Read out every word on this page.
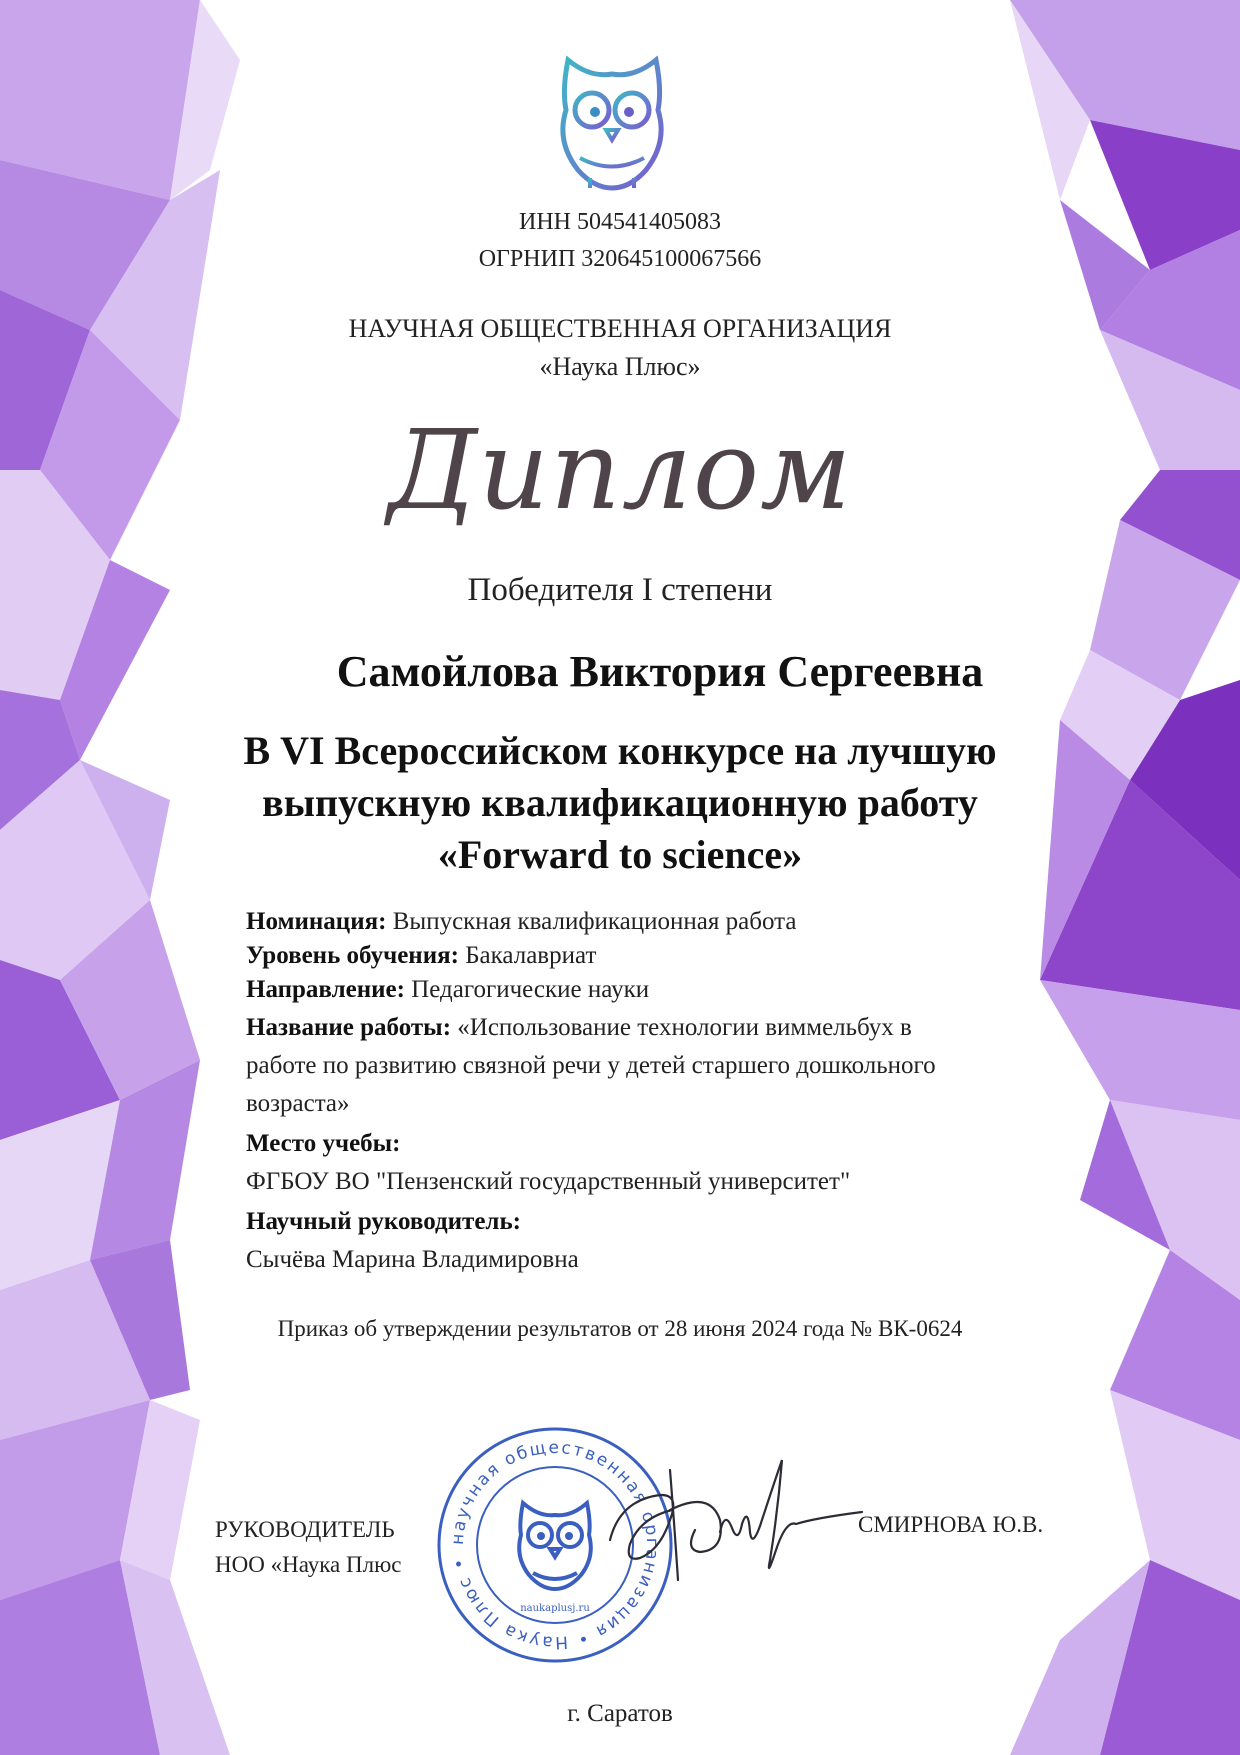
ИНН 504541405083
ОГРНИП 320645100067566
НАУЧНАЯ ОБЩЕСТВЕННАЯ ОРГАНИЗАЦИЯ
«Наука Плюс»
Диплом
Победителя I степени
Самойлова Виктория Сергеевна
В VI Всероссийском конкурсе на лучшую
выпускную квалификационную работу
«Forward to science»
Номинация: Выпускная квалификационная работа
Уровень обучения: Бакалавриат
Направление: Педагогические науки
Название работы: «Использование технологии виммельбух в
работе по развитию связной речи у детей старшего дошкольного
возраста»
Место учебы:
ФГБОУ ВО "Пензенский государственный университет"
Научный руководитель:
Сычёва Марина Владимировна
Приказ об утверждении результатов от 28 июня 2024 года № ВК-0624
РУКОВОДИТЕЛЬ
НОО «Наука Плюс
СМИРНОВА Ю.В.
научная общественная организация • Наука Плюс •
naukaplusj.ru
г. Саратов
